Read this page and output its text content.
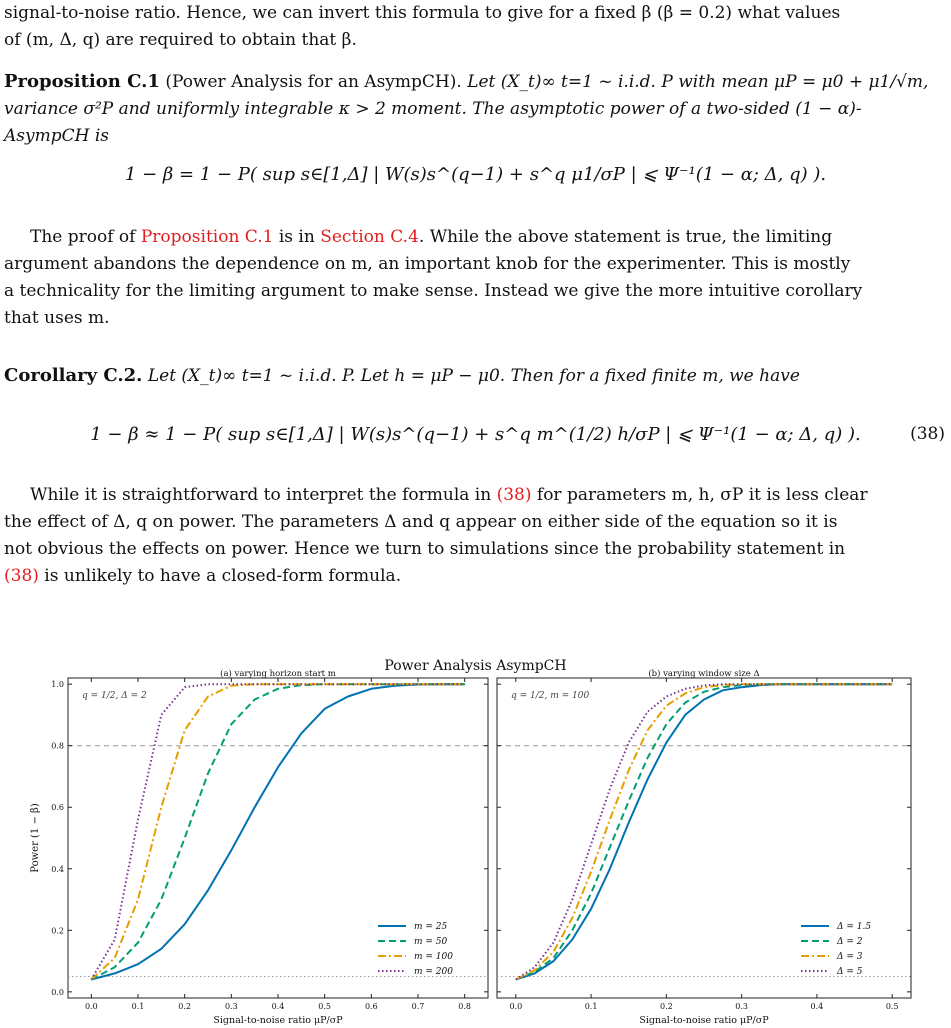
signal-to-noise ratio. Hence, we can invert this formula to give for a fixed β (β = 0.2) what values
of (m, Δ, q) are required to obtain that β.
Proposition C.1 (Power Analysis for an AsympCH). Let (X_t)∞ t=1 ~ i.i.d. P with mean μP = μ0 + μ1/√m,
variance σ²P and uniformly integrable κ > 2 moment. The asymptotic power of a two-sided (1 − α)-
AsympCH is
1 − β = 1 − P( sup s∈[1,Δ] | W(s)s^(q−1) + s^q μ1/σP | ⩽ Ψ⁻¹(1 − α; Δ, q) ).
The proof of Proposition C.1 is in Section C.4. While the above statement is true, the limiting
argument abandons the dependence on m, an important knob for the experimenter. This is mostly
a technicality for the limiting argument to make sense. Instead we give the more intuitive corollary
that uses m.
Corollary C.2. Let (X_t)∞ t=1 ~ i.i.d. P. Let h = μP − μ0. Then for a fixed finite m, we have
1 − β ≈ 1 − P( sup s∈[1,Δ] | W(s)s^(q−1) + s^q m^(1/2) h/σP | ⩽ Ψ⁻¹(1 − α; Δ, q) ).	(38)
While it is straightforward to interpret the formula in (38) for parameters m, h, σP it is less clear
the effect of Δ, q on power. The parameters Δ and q appear on either side of the equation so it is
not obvious the effects on power. Hence we turn to simulations since the probability statement in
(38) is unlikely to have a closed-form formula.
Power Analysis AsympCH
(a) varying horizon start m
0.0	0.1	0.2	0.3	0.4	0.5	0.6	0.7	0.8
0.0
0.2
0.4
0.6
0.8
1.0
Signal-to-noise ratio μP/σP
Power (1 − β)
q = 1/2, Δ = 2
m = 25
m = 50
m = 100
m = 200
(b) varying window size Δ
0.0	0.1	0.2	0.3	0.4	0.5
Signal-to-noise ratio μP/σP
q = 1/2, m = 100
Δ = 1.5
Δ = 2
Δ = 3
Δ = 5
